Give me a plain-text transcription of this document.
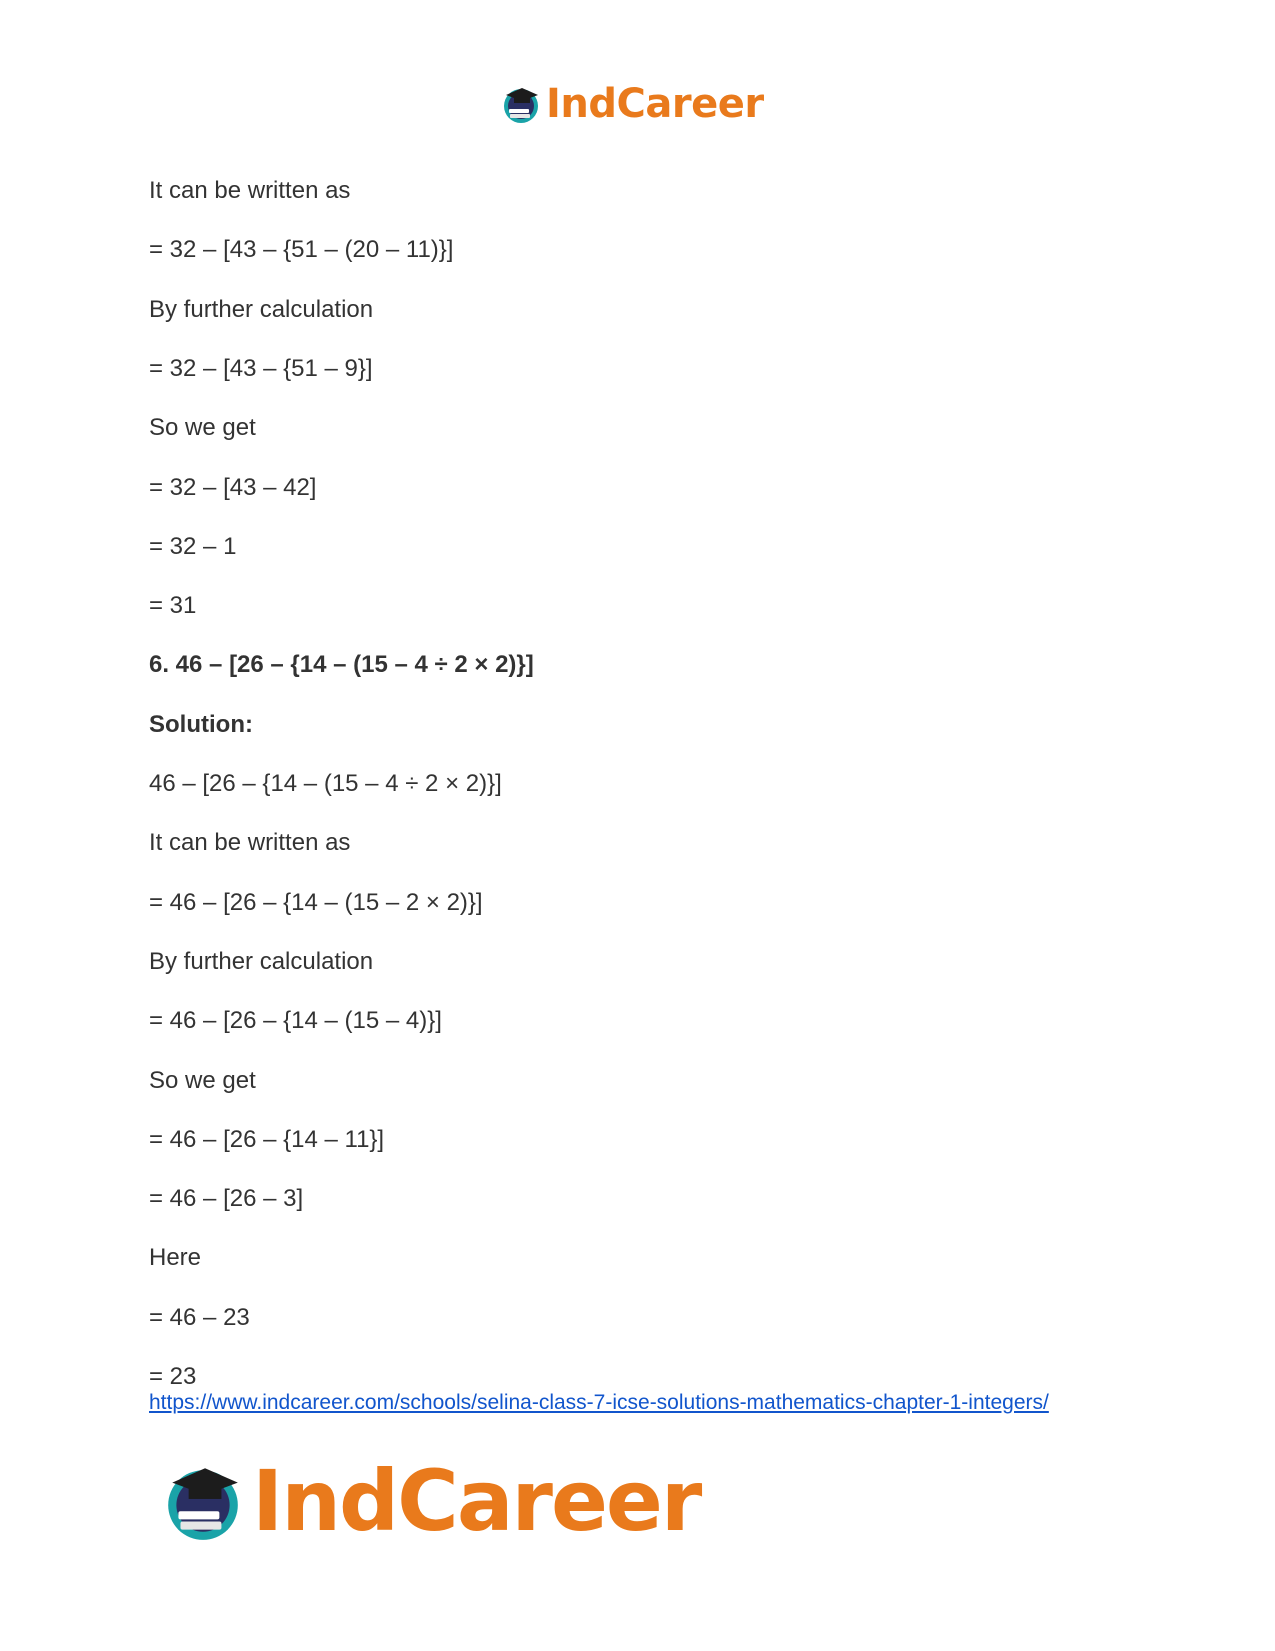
IndCareer
It can be written as
= 32 – [43 – {51 – (20 – 11)}]
By further calculation
= 32 – [43 – {51 – 9}]
So we get
= 32 – [43 – 42]
= 32 – 1
= 31
6. 46 – [26 – {14 – (15 – 4 ÷ 2 × 2)}]
Solution:
46 – [26 – {14 – (15 – 4 ÷ 2 × 2)}]
It can be written as
= 46 – [26 – {14 – (15 – 2 × 2)}]
By further calculation
= 46 – [26 – {14 – (15 – 4)}]
So we get
= 46 – [26 – {14 – 11}]
= 46 – [26 – 3]
Here
= 46 – 23
= 23
https://www.indcareer.com/schools/selina-class-7-icse-solutions-mathematics-chapter-1-integers/
IndCareer
